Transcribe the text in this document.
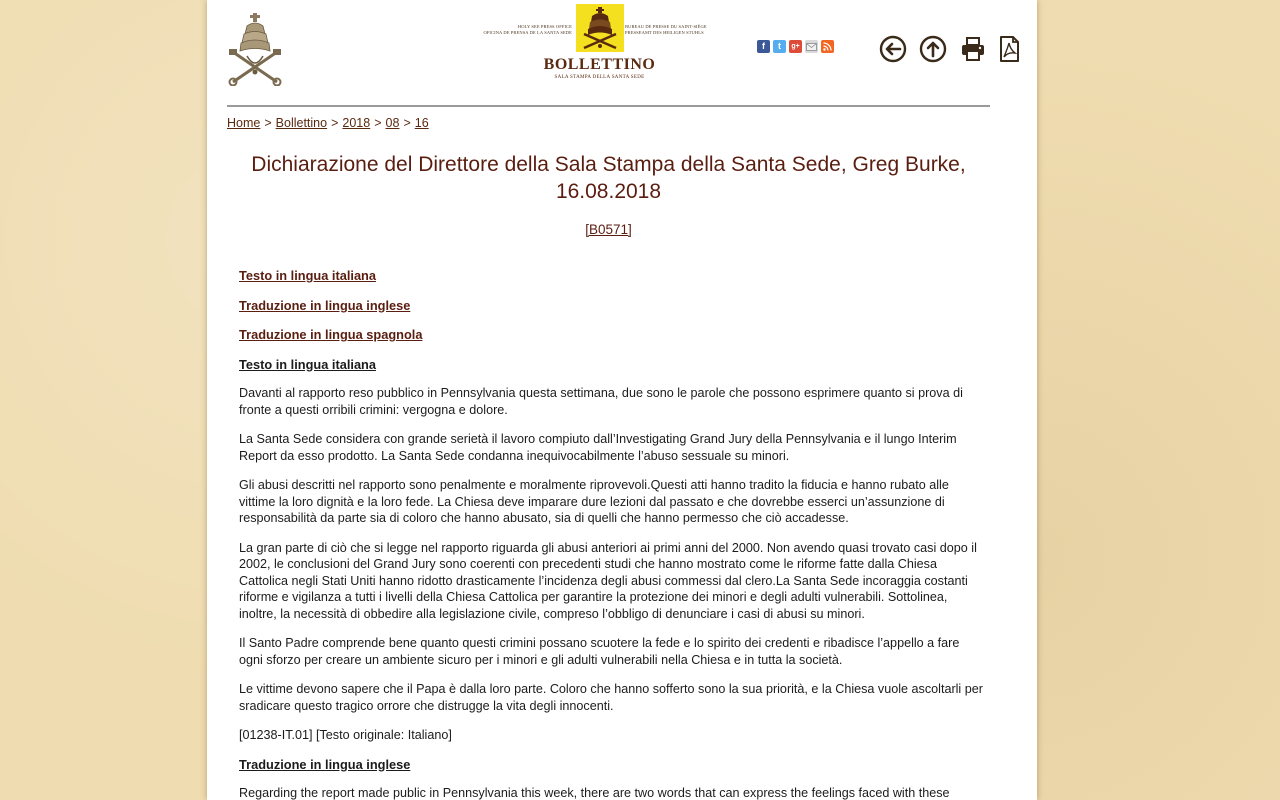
HOLY SEE PRESS OFFICE
OFICINA DE PRENSA DE LA SANTA SEDE
BUREAU DE PRESSE DU SAINT-SIÈGE
PRESSEAMT DES HEILIGEN STUHLS
BOLLETTINO
SALA STAMPA DELLA SANTA SEDE
f	t	g+
Home > Bollettino > 2018 > 08 > 16
Dichiarazione del Direttore della Sala Stampa della Santa Sede, Greg Burke,
16.08.2018
[B0571]
Testo in lingua italiana
Traduzione in lingua inglese
Traduzione in lingua spagnola
Testo in lingua italiana

Davanti al rapporto reso pubblico in Pennsylvania questa settimana, due sono le parole che possono esprimere quanto si prova di fronte a questi orribili crimini: vergogna e dolore.

La Santa Sede considera con grande serietà il lavoro compiuto dall’Investigating Grand Jury della Pennsylvania e il lungo Interim Report da esso prodotto. La Santa Sede condanna inequivocabilmente l’abuso sessuale su minori.

Gli abusi descritti nel rapporto sono penalmente e moralmente riprovevoli.Questi atti hanno tradito la fiducia e hanno rubato alle vittime la loro dignità e la loro fede. La Chiesa deve imparare dure lezioni dal passato e che dovrebbe esserci un’assunzione di responsabilità da parte sia di coloro che hanno abusato, sia di quelli che hanno permesso che ciò accadesse.

La gran parte di ciò che si legge nel rapporto riguarda gli abusi anteriori ai primi anni del 2000. Non avendo quasi trovato casi dopo il 2002, le conclusioni del Grand Jury sono coerenti con precedenti studi che hanno mostrato come le riforme fatte dalla Chiesa Cattolica negli Stati Uniti hanno ridotto drasticamente l’incidenza degli abusi commessi dal clero.La Santa Sede incoraggia costanti riforme e vigilanza a tutti i livelli della Chiesa Cattolica per garantire la protezione dei minori e degli adulti vulnerabili. Sottolinea, inoltre, la necessità di obbedire alla legislazione civile, compreso l’obbligo di denunciare i casi di abusi su minori.

Il Santo Padre comprende bene quanto questi crimini possano scuotere la fede e lo spirito dei credenti e ribadisce l’appello a fare ogni sforzo per creare un ambiente sicuro per i minori e gli adulti vulnerabili nella Chiesa e in tutta la società.

Le vittime devono sapere che il Papa è dalla loro parte. Coloro che hanno sofferto sono la sua priorità, e la Chiesa vuole ascoltarli per sradicare questo tragico orrore che distrugge la vita degli innocenti.

[01238-IT.01] [Testo originale: Italiano]

Traduzione in lingua inglese

Regarding the report made public in Pennsylvania this week, there are two words that can express the feelings faced with these
